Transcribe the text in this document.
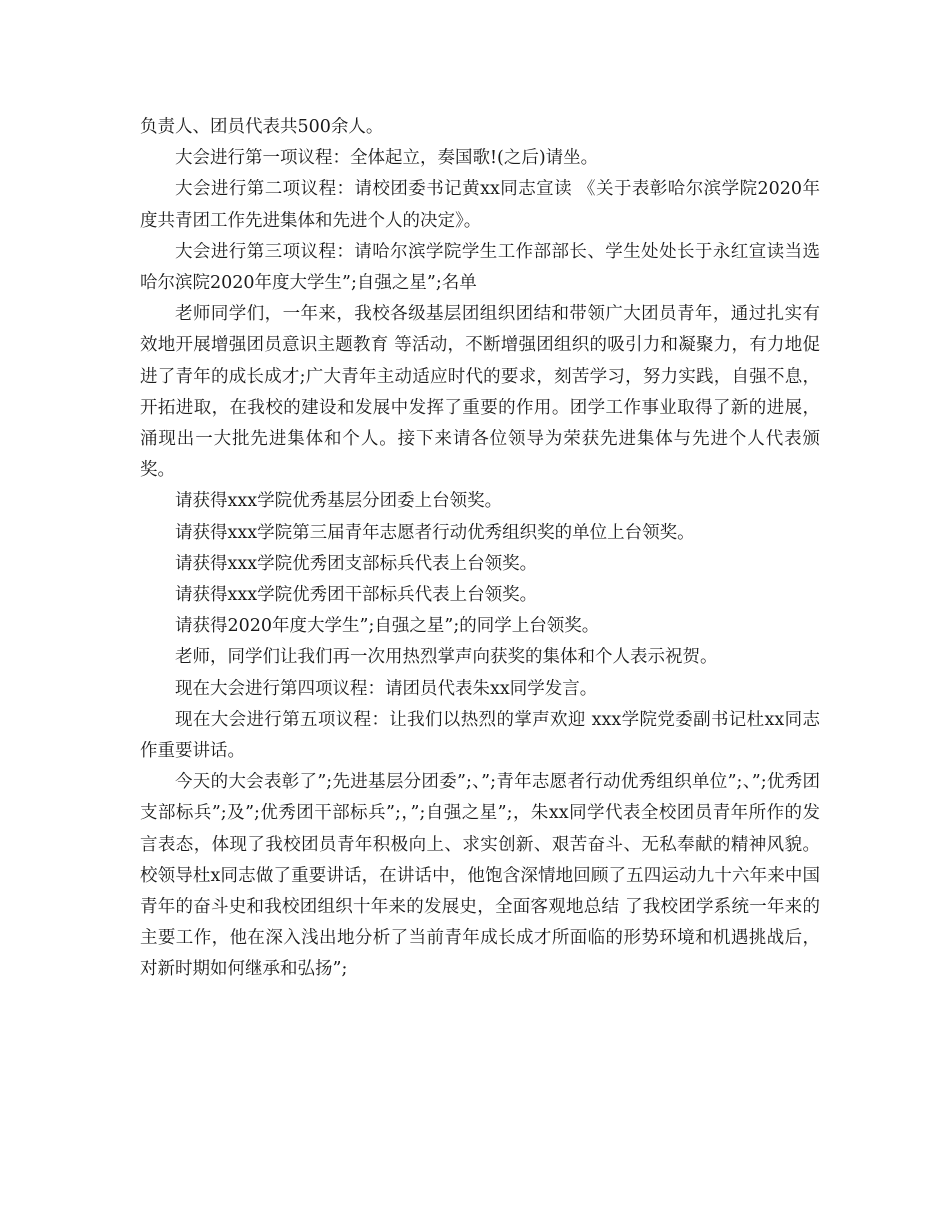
负责人、团员代表共500余人。

大会进行第一项议程：全体起立，奏国歌!(之后)请坐。

大会进行第二项议程：请校团委书记黄xx同志宣读 《关于表彰哈尔滨学院2020年度共青团工作先进集体和先进个人的决定》。

大会进行第三项议程：请哈尔滨学院学生工作部部长、学生处处长于永红宣读当选哈尔滨院2020年度大学生”;自强之星”;名单

老师同学们，一年来，我校各级基层团组织团结和带领广大团员青年，通过扎实有效地开展增强团员意识主题教育 等活动，不断增强团组织的吸引力和凝聚力，有力地促进了青年的成长成才;广大青年主动适应时代的要求，刻苦学习，努力实践，自强不息，开拓进取，在我校的建设和发展中发挥了重要的作用。团学工作事业取得了新的进展，涌现出一大批先进集体和个人。接下来请各位领导为荣获先进集体与先进个人代表颁奖。

请获得xxx学院优秀基层分团委上台领奖。

请获得xxx学院第三届青年志愿者行动优秀组织奖的单位上台领奖。

请获得xxx学院优秀团支部标兵代表上台领奖。

请获得xxx学院优秀团干部标兵代表上台领奖。

请获得2020年度大学生”;自强之星”;的同学上台领奖。

老师，同学们让我们再一次用热烈掌声向获奖的集体和个人表示祝贺。

现在大会进行第四项议程：请团员代表朱xx同学发言。

现在大会进行第五项议程：让我们以热烈的掌声欢迎 xxx学院党委副书记杜xx同志作重要讲话。

今天的大会表彰了”;先进基层分团委”;、”;青年志愿者行动优秀组织单位”;、”;优秀团支部标兵”;及”;优秀团干部标兵”;，”;自强之星”;，朱xx同学代表全校团员青年所作的发言表态，体现了我校团员青年积极向上、求实创新、艰苦奋斗、无私奉献的精神风貌。校领导杜x同志做了重要讲话，在讲话中，他饱含深情地回顾了五四运动九十六年来中国青年的奋斗史和我校团组织十年来的发展史，全面客观地总结 了我校团学系统一年来的主要工作，他在深入浅出地分析了当前青年成长成才所面临的形势环境和机遇挑战后，对新时期如何继承和弘扬”;
